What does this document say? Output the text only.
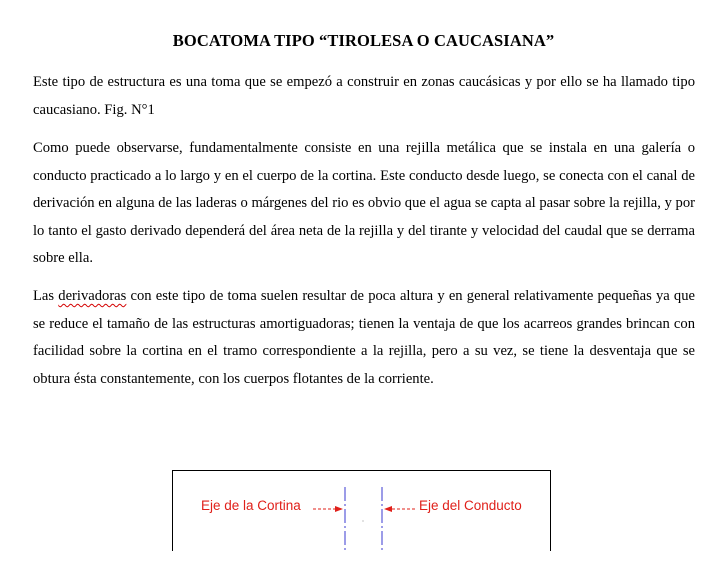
BOCATOMA TIPO “TIROLESA O CAUCASIANA”

Este tipo de estructura es una toma que se empezó a construir en zonas caucásicas y por ello se ha llamado tipo caucasiano. Fig. N°1

Como puede observarse, fundamentalmente consiste en una rejilla metálica que se instala en una galería o conducto practicado a lo largo y en el cuerpo de la cortina. Este conducto desde luego, se conecta con el canal de derivación en alguna de las laderas o márgenes del rio es obvio que el agua se capta al pasar sobre la rejilla, y por lo tanto el gasto derivado dependerá del área neta de la rejilla y del tirante y velocidad del caudal que se derrama sobre ella.

Las derivadoras con este tipo de toma suelen resultar de poca altura y en general relativamente pequeñas ya que se reduce el tamaño de las estructuras amortiguadoras; tienen la ventaja de que los acarreos grandes brincan con facilidad sobre la cortina en el tramo correspondiente a la rejilla, pero a su vez, se tiene la desventaja que se obtura ésta constantemente, con los cuerpos flotantes de la corriente.

Eje de la Cortina	Eje del Conducto
